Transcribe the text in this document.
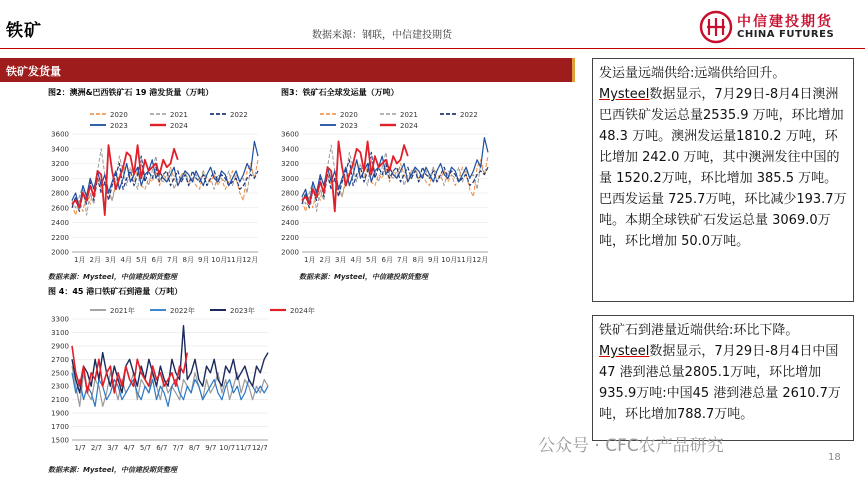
铁矿	数据来源：钢联，中信建投期货
中信建投期货
CHINA FUTURES
铁矿发货量
图2：澳洲&巴西铁矿石 19 港发货量（万吨）	图3：铁矿石全球发运量（万吨）
图 4：45 港口铁矿石到港量（万吨）
2020	2021	2022
2023	2024
2000
2200
2400
2600
2800
3000
3200
3400
3600
1月 2月 3月 4月 5月 6月 7月 8月 9月 10月 11月 12月
2020	2021	2022
2023	2024
2000
2200
2400
2600
2800
3000
3200
3400
3600
1月 2月 3月 4月 5月 6月 7月 8月 9月 10月 11月 12月
2021年	2022年	2023年	2024年
1500
1700
1900
2100
2300
2500
2700
2900
3100
3300
1/7 2/7 3/7 4/7 5/7 6/7 7/7 8/7 9/7 10/7 11/7 12/7
数据来源：Mysteel，中信建投期货整理	数据来源：Mysteel，中信建投期货整理
数据来源：Mysteel，中信建投期货整理
发运量远端供给:远端供给回升。
Mysteel数据显示，7月29日-8月4日澳洲巴西铁矿发运总量2535.9 万吨，环比增加 48.3 万吨。澳洲发运量1810.2 万吨，环比增加 242.0 万吨，其中澳洲发往中国的量 1520.2万吨，环比增加 385.5 万吨。巴西发运量 725.7万吨，环比减少193.7万吨。本期全球铁矿石发运总量 3069.0万吨，环比增加 50.0万吨。
铁矿石到港量近端供给:环比下降。
Mysteel数据显示，7月29日-8月4日中国 47 港到港总量2805.1万吨，环比增加 935.9万吨:中国45 港到港总量 2610.7万吨，环比增加788.7万吨。
公众号 · CFC农产品研究
18
